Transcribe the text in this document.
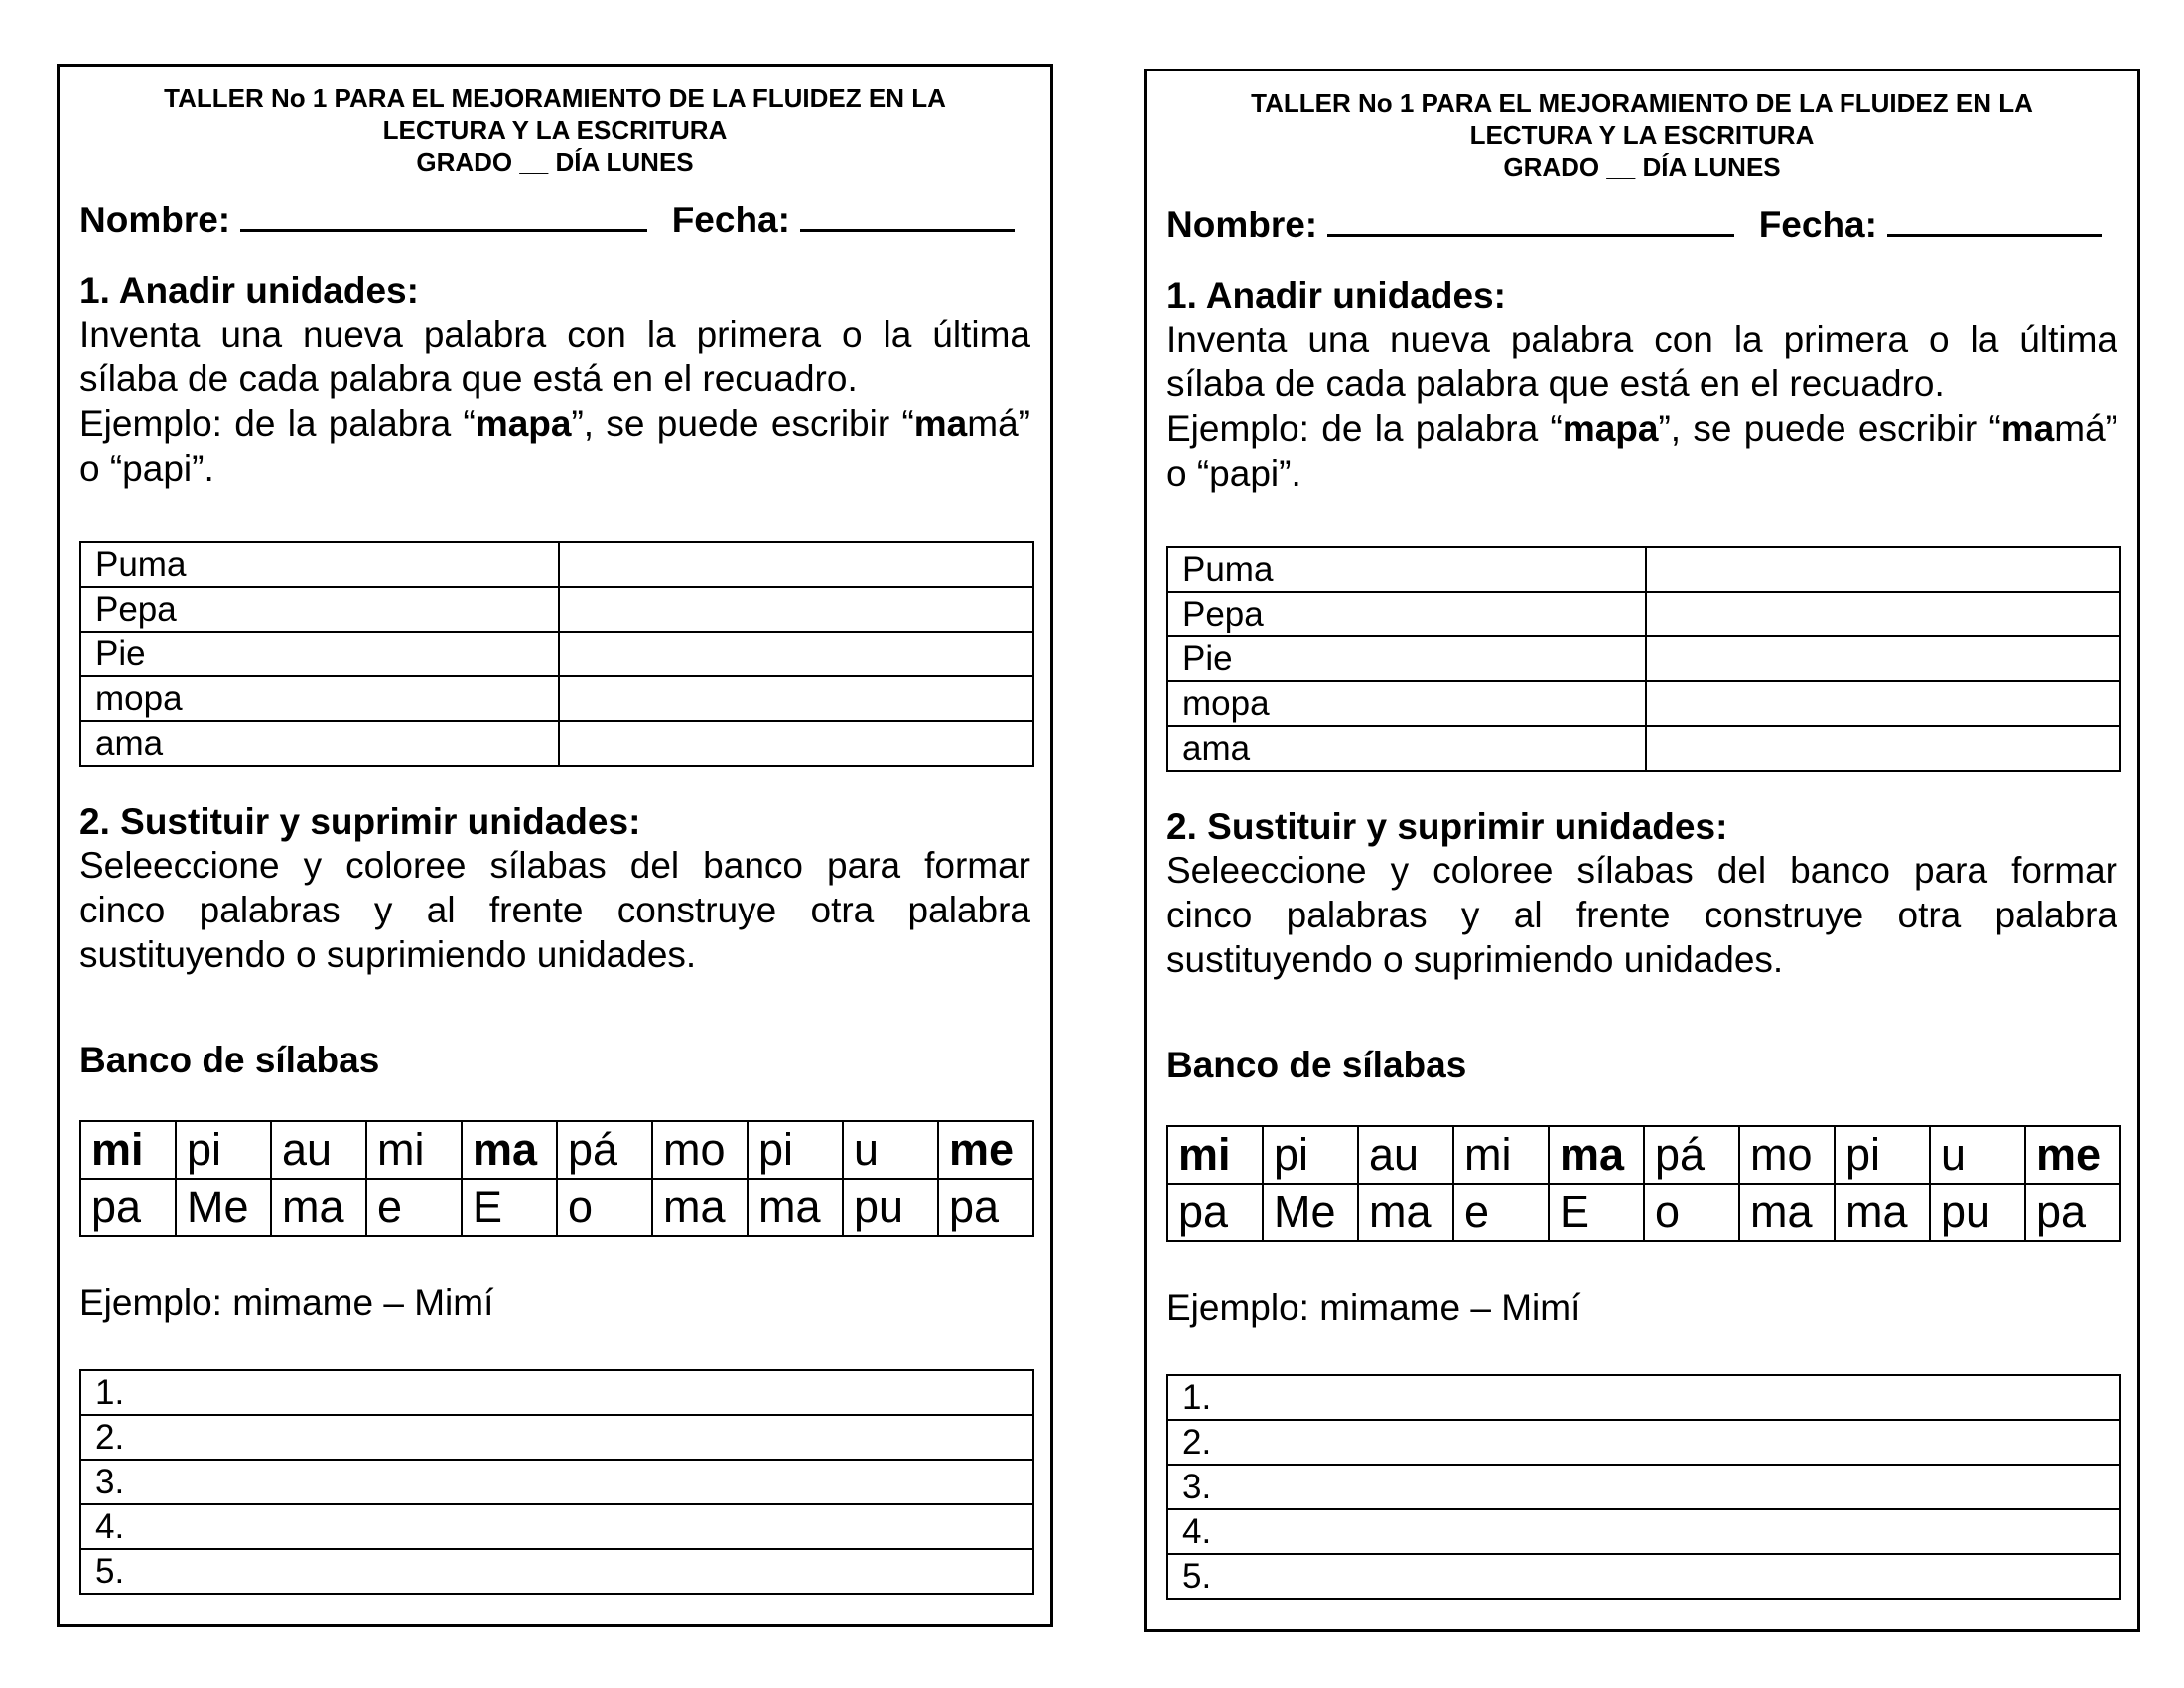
TALLER No 1 PARA EL MEJORAMIENTO DE LA FLUIDEZ EN LA
LECTURA Y LA ESCRITURA
GRADO __ DÍA LUNES
Nombre:	Fecha:
1. Anadir unidades:
Inventa una nueva palabra con la primera o la última sílaba de cada palabra que está en el recuadro.
Ejemplo: de la palabra “mapa”, se puede escribir “mamá” o “papi”.
Puma	
Pepa	
Pie	
mopa	
ama	
2. Sustituir y suprimir unidades:
Seleeccione y coloree sílabas del banco para formar cinco palabras y al frente construye otra palabra sustituyendo o suprimiendo unidades.
Banco de sílabas
mi	pi	au	mi	ma	pá	mo	pi	u	me
pa	Me	ma	e	E	o	ma	ma	pu	pa
Ejemplo: mimame – Mimí
1.
2.
3.
4.
5.
TALLER No 1 PARA EL MEJORAMIENTO DE LA FLUIDEZ EN LA
LECTURA Y LA ESCRITURA
GRADO __ DÍA LUNES
Nombre:	Fecha:
1. Anadir unidades:
Inventa una nueva palabra con la primera o la última sílaba de cada palabra que está en el recuadro.
Ejemplo: de la palabra “mapa”, se puede escribir “mamá” o “papi”.
Puma	
Pepa	
Pie	
mopa	
ama	
2. Sustituir y suprimir unidades:
Seleeccione y coloree sílabas del banco para formar cinco palabras y al frente construye otra palabra sustituyendo o suprimiendo unidades.
Banco de sílabas
mi	pi	au	mi	ma	pá	mo	pi	u	me
pa	Me	ma	e	E	o	ma	ma	pu	pa
Ejemplo: mimame – Mimí
1.
2.
3.
4.
5.
